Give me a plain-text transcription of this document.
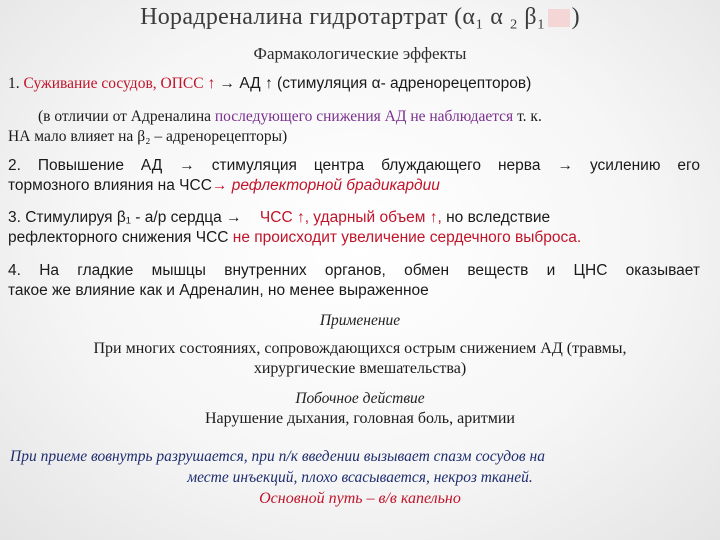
Норадреналина гидротартрат (α₁ α ₂ β₁ )
Фармакологические эффекты
1. Суживание сосудов, ОПСС ↑ → АД ↑ (стимуляция α- адренорецепторов)
(в отличии от Адреналина последующего снижения АД не наблюдается т. к.
НА мало влияет на β₂ – адренорецепторы)
2. Повышение АД → стимуляция центра блуждающего нерва → усилению его
тормозного влияния на ЧСС→ рефлекторной брадикардии
3. Стимулируя β₁ - а/р сердца → ЧСС ↑, ударный объем ↑, но вследствие
рефлекторного снижения ЧСС не происходит увеличение сердечного выброса.
4. На гладкие мышцы внутренних органов, обмен веществ и ЦНС оказывает
такое же влияние как и Адреналин, но менее выраженное
Применение
При многих состояниях, сопровождающихся острым снижением АД (травмы,
хирургические вмешательства)
Побочное действие
Нарушение дыхания, головная боль, аритмии
При приеме вовнутрь разрушается, при п/к введении вызывает спазм сосудов на
месте инъекций, плохо всасывается, некроз тканей.
Основной путь – в/в капельно
